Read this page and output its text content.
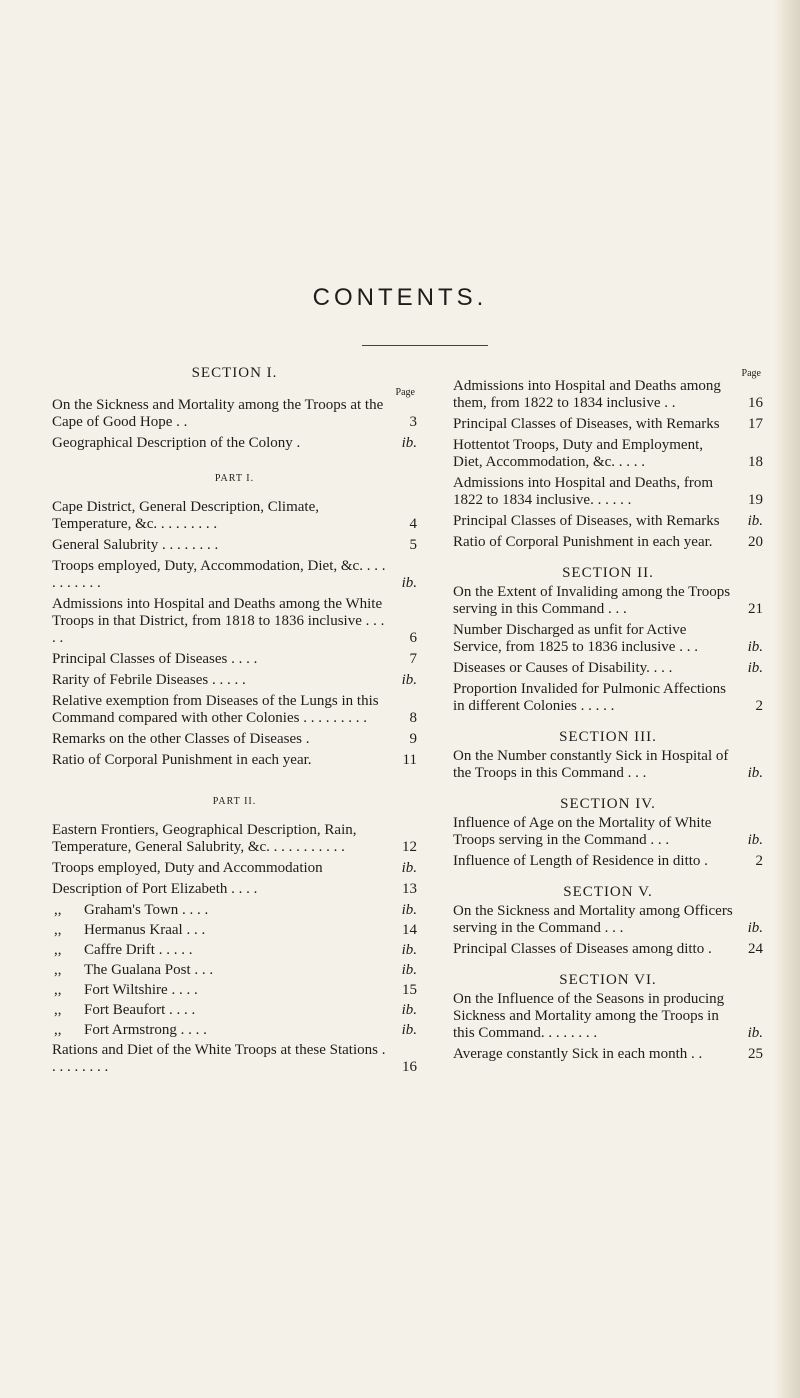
CONTENTS.
SECTION I.
Page
On the Sickness and Mortality among the Troops at the Cape of Good Hope . .	3
Geographical Description of the Colony .	ib.
PART I.
Cape District, General Description, Climate, Temperature, &c. . . . . . . . .	4
General Salubrity . . . . . . . .	5
Troops employed, Duty, Accommodation, Diet, &c. . . . . . . . . . .	ib.
Admissions into Hospital and Deaths among the White Troops in that District, from 1818 to 1836 inclusive . . . . .	6
Principal Classes of Diseases . . . .	7
Rarity of Febrile Diseases . . . . .	ib.
Relative exemption from Diseases of the Lungs in this Command compared with other Colonies . . . . . . . . .	8
Remarks on the other Classes of Diseases .	9
Ratio of Corporal Punishment in each year.	11
PART II.
Eastern Frontiers, Geographical Description, Rain, Temperature, General Salubrity, &c. . . . . . . . . . .	12
Troops employed, Duty and Accommodation	ib.
Description of Port Elizabeth . . . .	13
,,	Graham's Town . . . .	ib.
,,	Hermanus Kraal . . .	14
,,	Caffre Drift . . . . .	ib.
,,	The Gualana Post . . .	ib.
,,	Fort Wiltshire . . . .	15
,,	Fort Beaufort . . . .	ib.
,,	Fort Armstrong . . . .	ib.
Rations and Diet of the White Troops at these Stations . . . . . . . . .	16
Page
Admissions into Hospital and Deaths among them, from 1822 to 1834 inclusive . .	16
Principal Classes of Diseases, with Remarks	17
Hottentot Troops, Duty and Employment, Diet, Accommodation, &c. . . . .	18
Admissions into Hospital and Deaths, from 1822 to 1834 inclusive. . . . . .	19
Principal Classes of Diseases, with Remarks	ib.
Ratio of Corporal Punishment in each year.	20
SECTION II.
On the Extent of Invaliding among the Troops serving in this Command . . .	21
Number Discharged as unfit for Active Service, from 1825 to 1836 inclusive . . .	ib.
Diseases or Causes of Disability. . . .	ib.
Proportion Invalided for Pulmonic Affections in different Colonies . . . . .	2
SECTION III.
On the Number constantly Sick in Hospital of the Troops in this Command . . .	ib.
SECTION IV.
Influence of Age on the Mortality of White Troops serving in the Command . . .	ib.
Influence of Length of Residence in ditto .	2
SECTION V.
On the Sickness and Mortality among Officers serving in the Command . . .	ib.
Principal Classes of Diseases among ditto .	24
SECTION VI.
On the Influence of the Seasons in producing Sickness and Mortality among the Troops in this Command. . . . . . . .	ib.
Average constantly Sick in each month . .	25
